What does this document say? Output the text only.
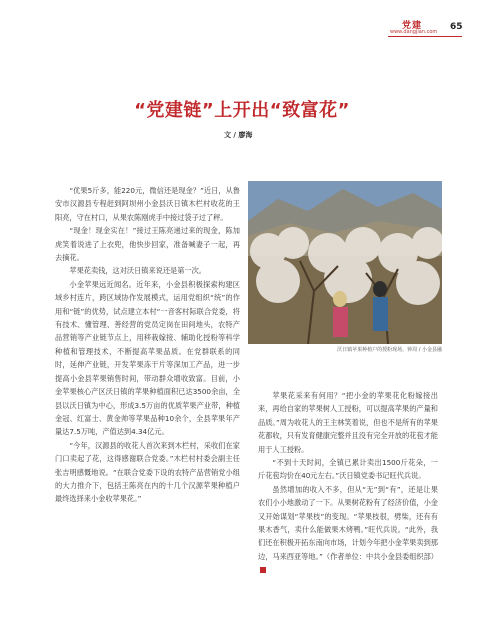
党建
www.dangjian.com 65
“党建链”上开出“致富花”
文 / 廖海

“优果5斤多，能220元，微信还是现金？”近日，从鲁安市汉源县专程赶到阿坝州小金县沃日镇木栏村收花的王阳亮，守在村口，从果农陈刚虎手中接过袋子过了秤。

“现金！现金实在！”接过王陈亮递过来的现金，陈加虎笑着说进了上衣兜，他快步回家，准备喊妻子一起，再去摘花。

苹果花卖钱，这对沃日镇来说还是第一次。

小金苹果远近闻名。近年来，小金县积极探索构建区域乡村连片，跨区域协作发展模式，运用党组织“统”的作用和“链”的优势，试点建立本村“一音客村际联合党委，将有技术、懂管理、善经营的党员定岗在田间地头，农特产品营销等产业链节点上，用移栽嫁接、辅助化授粉等科学种植和管理技术，不断提高苹果品质。在党群联系的同时，延伸产业链，开发苹果冻干片等深加工产品，进一步提高小金县苹果销售时间，带动群众增收致富。目前，小金苹果核心产区沃日镇的苹果种植面积已达3500余亩，全县以沃日镇为中心，形成3.5万亩的优质苹果产业带，种植金冠、红富士、黄金帅等苹果品种10余个，全县苹果年产量达7.5万吨，产值达到4.34亿元。

“今年，汉源县的收花人首次来到木栏村，采收们在家门口卖起了花，这得感谢联合党委。”木栏村村委会副主任张吉明感慨地说。“在联合党委下设的农特产品营销党小组的大力推介下，包括王陈亮在内的十几个汉源苹果种植户最终选择来小金收苹果花。”

沃日镇苹果种植户的授粉现场。钟周 / 小金县融

苹果花采来有何用？“把小金的苹果花化粉嫁接出来，再给自家的苹果树人工授粉，可以提高苹果的产量和品质。”周为收花人的王主林笑着说，但也不是所有的苹果花都收，只有发育健康完整并且没有完全开放的花苞才能用于人工授粉。

“不到十天时间，全镇已累计卖出1500斤花朵，一斤花苞均价在40元左右。”沃日镇党委书记旺代兵说。

虽然增加的收入不多，但从“无”到“有”，还是让果农们小小地激动了一下。从果树花粉有了经济价值，小金又开始谋划“苹果枝”的变现。“苹果枝很，劈柴，还有有果木香气，卖什么能做果木烤鸭。”旺代兵说。“此外，我们还在积极开拓东南向市场，计划今年把小金苹果卖到那边，马来西亚等地。”（作者单位：中共小金县委组织部）
